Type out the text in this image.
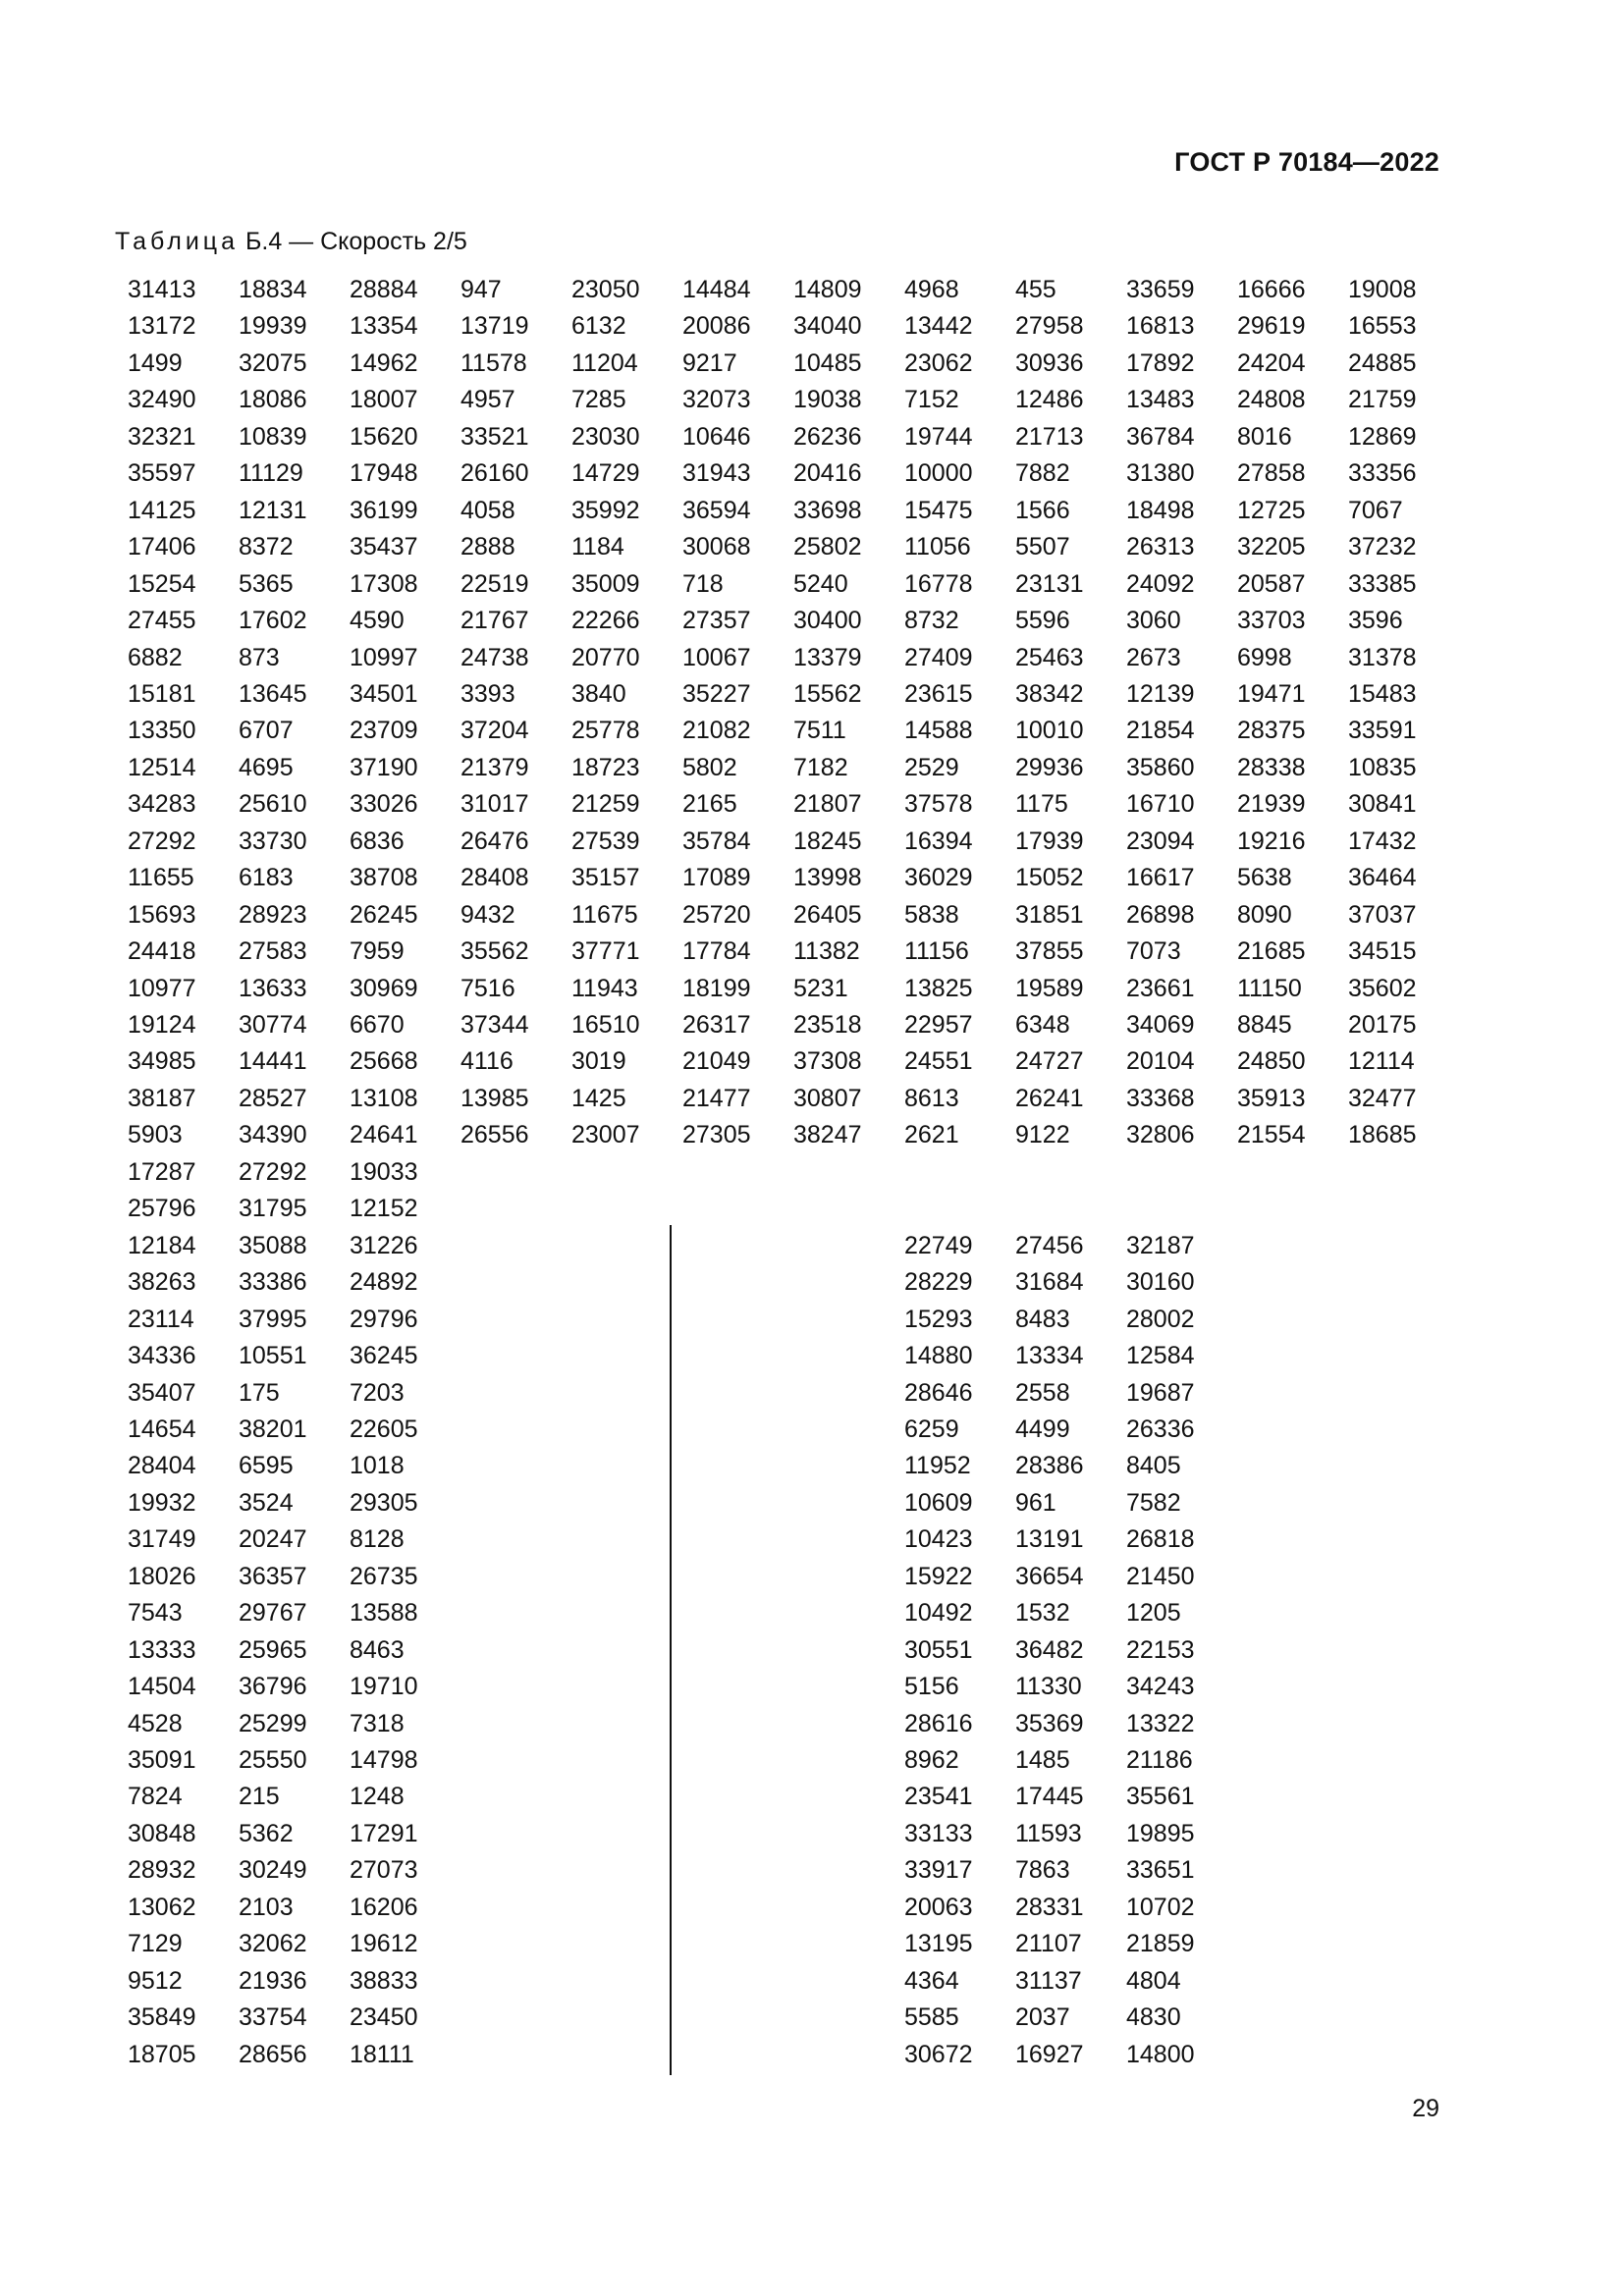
ГОСТ Р 70184—2022
Таблица Б.4 — Скорость 2/5
31413 18834 28884 947	23050 14484 14809 4968 455	33659 16666 19008
13172 19939 13354 13719 6132 20086 34040 13442 27958 16813 29619 16553
1499 32075 14962 11578 11204 9217 10485 23062 30936 17892 24204 24885
32490 18086 18007 4957 7285 32073 19038 7152 12486 13483 24808 21759
32321 10839 15620 33521 23030 10646 26236 19744 21713 36784 8016 12869
35597 11129 17948 26160 14729 31943 20416 10000 7882 31380 27858 33356
14125 12131 36199 4058 35992 36594 33698 15475 1566 18498 12725 7067
17406 8372 35437 2888 1184 30068 25802 11056 5507 26313 32205 37232
15254 5365 17308 22519 35009 718	5240 16778 23131 24092 20587 33385
27455 17602 4590 21767 22266 27357 30400 8732 5596 3060 33703 3596
6882 873	10997 24738 20770 10067 13379 27409 25463 2673 6998 31378
15181 13645 34501 3393 3840 35227 15562 23615 38342 12139 19471 15483
13350 6707 23709 37204 25778 21082 7511 14588 10010 21854 28375 33591
12514 4695 37190 21379 18723 5802 7182 2529 29936 35860 28338 10835
34283 25610 33026 31017 21259 2165 21807 37578 1175 16710 21939 30841
27292 33730 6836 26476 27539 35784 18245 16394 17939 23094 19216 17432
11655 6183 38708 28408 35157 17089 13998 36029 15052 16617 5638 36464
15693 28923 26245 9432 11675 25720 26405 5838 31851 26898 8090 37037
24418 27583 7959 35562 37771 17784 11382 11156 37855 7073 21685 34515
10977 13633 30969 7516 11943 18199 5231 13825 19589 23661 11150 35602
19124 30774 6670 37344 16510 26317 23518 22957 6348 34069 8845 20175
34985 14441 25668 4116 3019 21049 37308 24551 24727 20104 24850 12114
38187 28527 13108 13985 1425 21477 30807 8613 26241 33368 35913 32477
5903 34390 24641 26556 23007 27305 38247 2621 9122 32806 21554 18685
17287 27292 19033
25796 31795 12152
12184 35088 31226	22749 27456 32187
38263 33386 24892	28229 31684 30160
23114 37995 29796	15293 8483 28002
34336 10551 36245	14880 13334 12584
35407 175	7203	28646 2558 19687
14654 38201 22605	6259 4499 26336
28404 6595 1018	11952 28386 8405
19932 3524 29305	10609 961	7582
31749 20247 8128	10423 13191 26818
18026 36357 26735	15922 36654 21450
7543 29767 13588	10492 1532 1205
13333 25965 8463	30551 36482 22153
14504 36796 19710	5156 11330 34243
4528 25299 7318	28616 35369 13322
35091 25550 14798	8962 1485 21186
7824 215	1248	23541 17445 35561
30848 5362 17291	33133 11593 19895
28932 30249 27073	33917 7863 33651
13062 2103 16206	20063 28331 10702
7129 32062 19612	13195 21107 21859
9512 21936 38833	4364 31137 4804
35849 33754 23450	5585 2037 4830
18705 28656 18111	30672 16927 14800
29
